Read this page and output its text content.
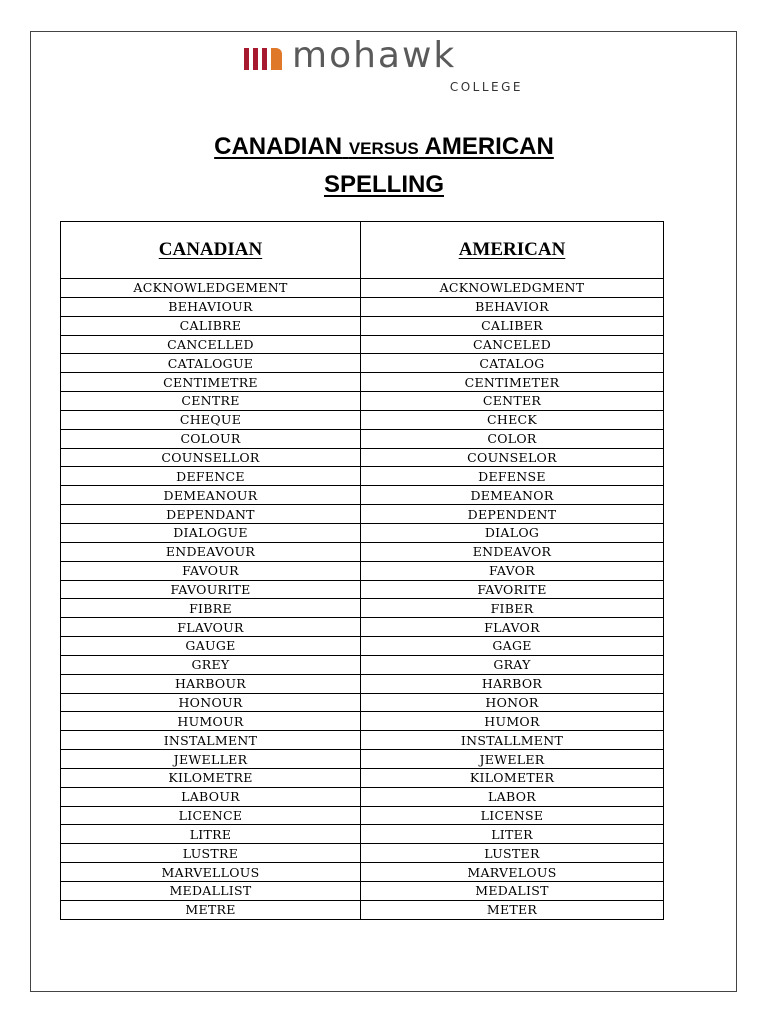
mohawk
COLLEGE
CANADIAN VERSUS AMERICAN
SPELLING
CANADIAN	AMERICAN
ACKNOWLEDGEMENT	ACKNOWLEDGMENT
BEHAVIOUR	BEHAVIOR
CALIBRE	CALIBER
CANCELLED	CANCELED
CATALOGUE	CATALOG
CENTIMETRE	CENTIMETER
CENTRE	CENTER
CHEQUE	CHECK
COLOUR	COLOR
COUNSELLOR	COUNSELOR
DEFENCE	DEFENSE
DEMEANOUR	DEMEANOR
DEPENDANT	DEPENDENT
DIALOGUE	DIALOG
ENDEAVOUR	ENDEAVOR
FAVOUR	FAVOR
FAVOURITE	FAVORITE
FIBRE	FIBER
FLAVOUR	FLAVOR
GAUGE	GAGE
GREY	GRAY
HARBOUR	HARBOR
HONOUR	HONOR
HUMOUR	HUMOR
INSTALMENT	INSTALLMENT
JEWELLER	JEWELER
KILOMETRE	KILOMETER
LABOUR	LABOR
LICENCE	LICENSE
LITRE	LITER
LUSTRE	LUSTER
MARVELLOUS	MARVELOUS
MEDALLIST	MEDALIST
METRE	METER
